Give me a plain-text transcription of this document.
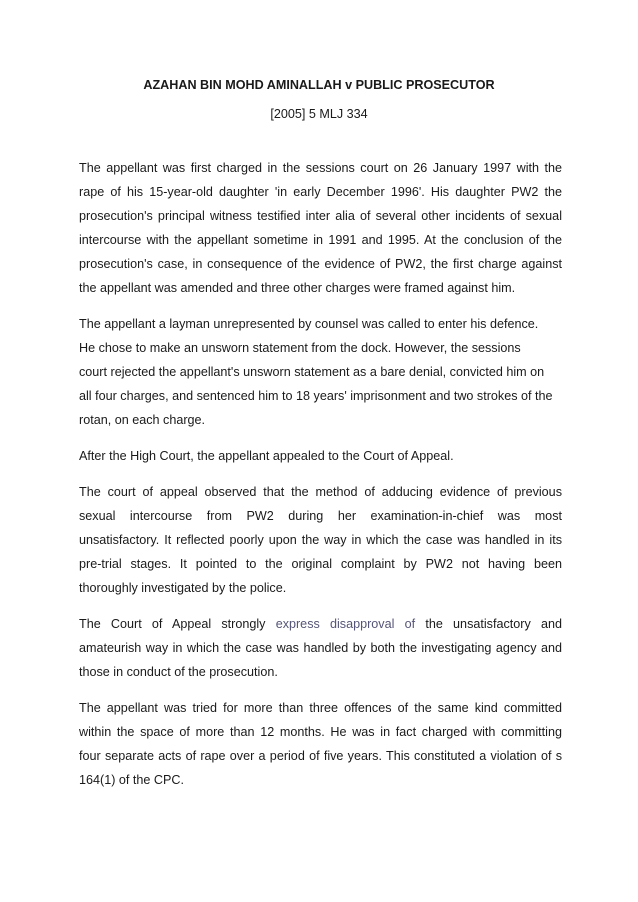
AZAHAN BIN MOHD AMINALLAH v PUBLIC PROSECUTOR
[2005] 5 MLJ 334

The appellant was first charged in the sessions court on 26 January 1997 with the
rape of his 15-year-old daughter 'in early December 1996'. His daughter PW2 the
prosecution's principal witness testified inter alia of several other incidents of sexual
intercourse with the appellant sometime in 1991 and 1995. At the conclusion of the
prosecution's case, in consequence of the evidence of PW2, the first charge against
the appellant was amended and three other charges were framed against him.

The appellant a layman unrepresented by counsel was called to enter his defence.
He chose to make an unsworn statement from the dock. However, the sessions
court rejected the appellant's unsworn statement as a bare denial, convicted him on
all four charges, and sentenced him to 18 years' imprisonment and two strokes of the
rotan, on each charge.

After the High Court, the appellant appealed to the Court of Appeal.

The court of appeal observed that the method of adducing evidence of previous
sexual intercourse from PW2 during her examination-in-chief was most
unsatisfactory. It reflected poorly upon the way in which the case was handled in its
pre-trial stages. It pointed to the original complaint by PW2 not having been
thoroughly investigated by the police.

The Court of Appeal strongly express disapproval of the unsatisfactory and
amateurish way in which the case was handled by both the investigating agency and
those in conduct of the prosecution.

The appellant was tried for more than three offences of the same kind committed
within the space of more than 12 months. He was in fact charged with committing
four separate acts of rape over a period of five years. This constituted a violation of s
164(1) of the CPC.
